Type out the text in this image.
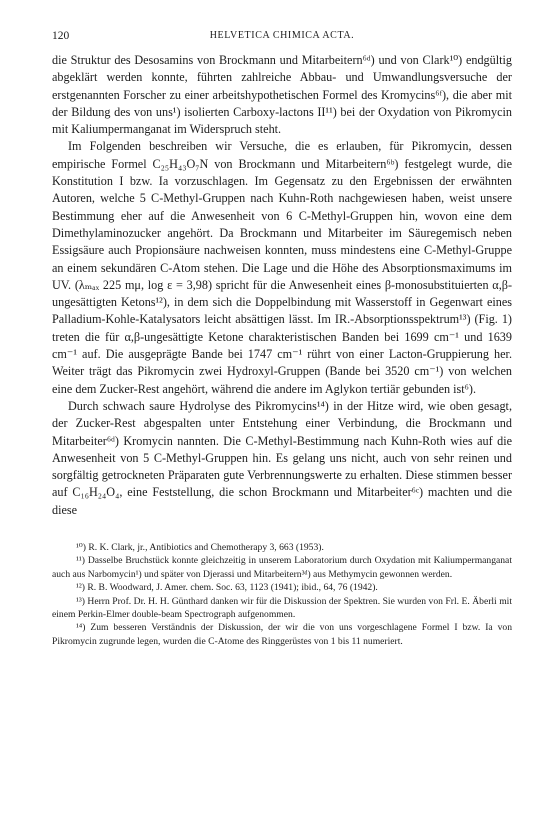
120	HELVETICA CHIMICA ACTA.

die Struktur des Desosamins von Brockmann und Mitarbeitern⁶ᵈ) und von Clark¹⁰) endgültig abgeklärt werden konnte, führten zahlreiche Abbau- und Umwandlungsversuche der erstgenannten Forscher zu einer arbeitshypothetischen Formel des Kromycins⁶ᶠ), die aber mit der Bildung des von uns¹) isolierten Carboxy-lactons II¹¹) bei der Oxydation von Pikromycin mit Kaliumpermanganat im Widerspruch steht.

Im Folgenden beschreiben wir Versuche, die es erlauben, für Pikromycin, dessen empirische Formel C₂₅H₄₃O₇N von Brockmann und Mitarbeitern⁶ᵇ) festgelegt wurde, die Konstitution I bzw. Ia vorzuschlagen. Im Gegensatz zu den Ergebnissen der erwähnten Autoren, welche 5 C-Methyl-Gruppen nach Kuhn-Roth nachgewiesen haben, weist unsere Bestimmung eher auf die Anwesenheit von 6 C-Methyl-Gruppen hin, wovon eine dem Dimethylaminozucker angehört. Da Brockmann und Mitarbeiter im Säuregemisch neben Essigsäure auch Propionsäure nachweisen konnten, muss mindestens eine C-Methyl-Gruppe an einem sekundären C-Atom stehen. Die Lage und die Höhe des Absorptionsmaximums im UV. (λₘₐₓ 225 mμ, log ε = 3,98) spricht für die Anwesenheit eines β-monosubstituierten α,β-ungesättigten Ketons¹²), in dem sich die Doppelbindung mit Wasserstoff in Gegenwart eines Palladium-Kohle-Katalysators leicht absättigen lässt. Im IR.-Absorptionsspektrum¹³) (Fig. 1) treten die für α,β-ungesättigte Ketone charakteristischen Banden bei 1699 cm⁻¹ und 1639 cm⁻¹ auf. Die ausgeprägte Bande bei 1747 cm⁻¹ rührt von einer Lacton-Gruppierung her. Weiter trägt das Pikromycin zwei Hydroxyl-Gruppen (Bande bei 3520 cm⁻¹) von welchen eine dem Zucker-Rest angehört, während die andere im Aglykon tertiär gebunden ist⁶).

Durch schwach saure Hydrolyse des Pikromycins¹⁴) in der Hitze wird, wie oben gesagt, der Zucker-Rest abgespalten unter Entstehung einer Verbindung, die Brockmann und Mitarbeiter⁶ᵈ) Kromycin nannten. Die C-Methyl-Bestimmung nach Kuhn-Roth wies auf die Anwesenheit von 5 C-Methyl-Gruppen hin. Es gelang uns nicht, auch von sehr reinen und sorgfältig getrockneten Präparaten gute Verbrennungswerte zu erhalten. Diese stimmen besser auf C₁₆H₂₄O₄, eine Feststellung, die schon Brockmann und Mitarbeiter⁶ᶜ) machten und die diese

¹⁰) R. K. Clark, jr., Antibiotics and Chemotherapy 3, 663 (1953).

¹¹) Dasselbe Bruchstück konnte gleichzeitig in unserem Laboratorium durch Oxydation mit Kaliumpermanganat auch aus Narbomycin¹) und später von Djerassi und Mitarbeitern³ᵈ) aus Methymycin gewonnen werden.

¹²) R. B. Woodward, J. Amer. chem. Soc. 63, 1123 (1941); ibid., 64, 76 (1942).

¹³) Herrn Prof. Dr. H. H. Günthard danken wir für die Diskussion der Spektren. Sie wurden von Frl. E. Äberli mit einem Perkin-Elmer double-beam Spectrograph aufgenommen.

¹⁴) Zum besseren Verständnis der Diskussion, der wir die von uns vorgeschlagene Formel I bzw. Ia von Pikromycin zugrunde legen, wurden die C-Atome des Ringgerüstes von 1 bis 11 numeriert.
